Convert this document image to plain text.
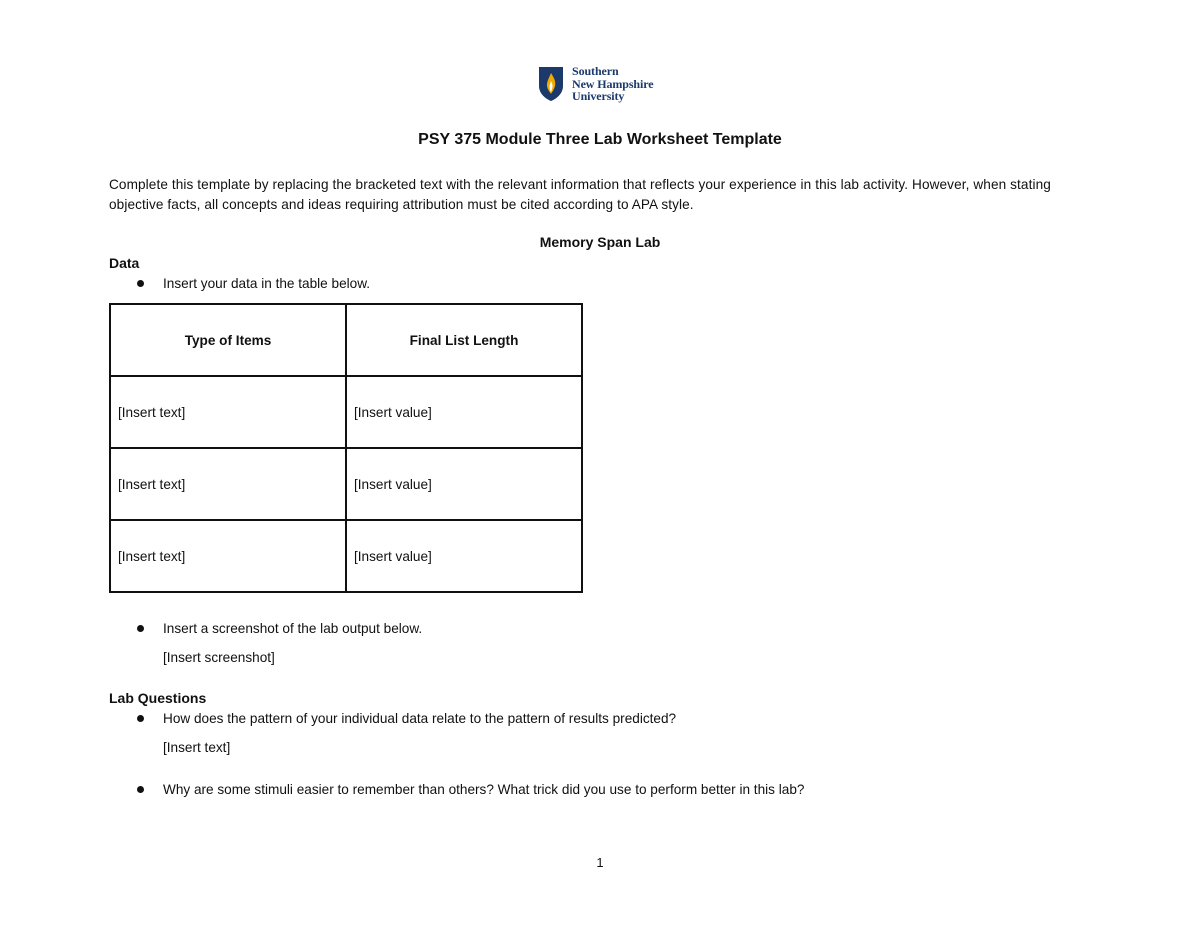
Southern
New Hampshire
University
PSY 375 Module Three Lab Worksheet Template

Complete this template by replacing the bracketed text with the relevant information that reflects your experience in this lab activity. However, when stating objective facts, all concepts and ideas requiring attribution must be cited according to APA style.

Memory Span Lab
Data
Insert your data in the table below.
Type of Items	Final List Length
[Insert text]	[Insert value]
[Insert text]	[Insert value]
[Insert text]	[Insert value]
Insert a screenshot of the lab output below.
[Insert screenshot]
Lab Questions
How does the pattern of your individual data relate to the pattern of results predicted?
[Insert text]
Why are some stimuli easier to remember than others? What trick did you use to perform better in this lab?
1
